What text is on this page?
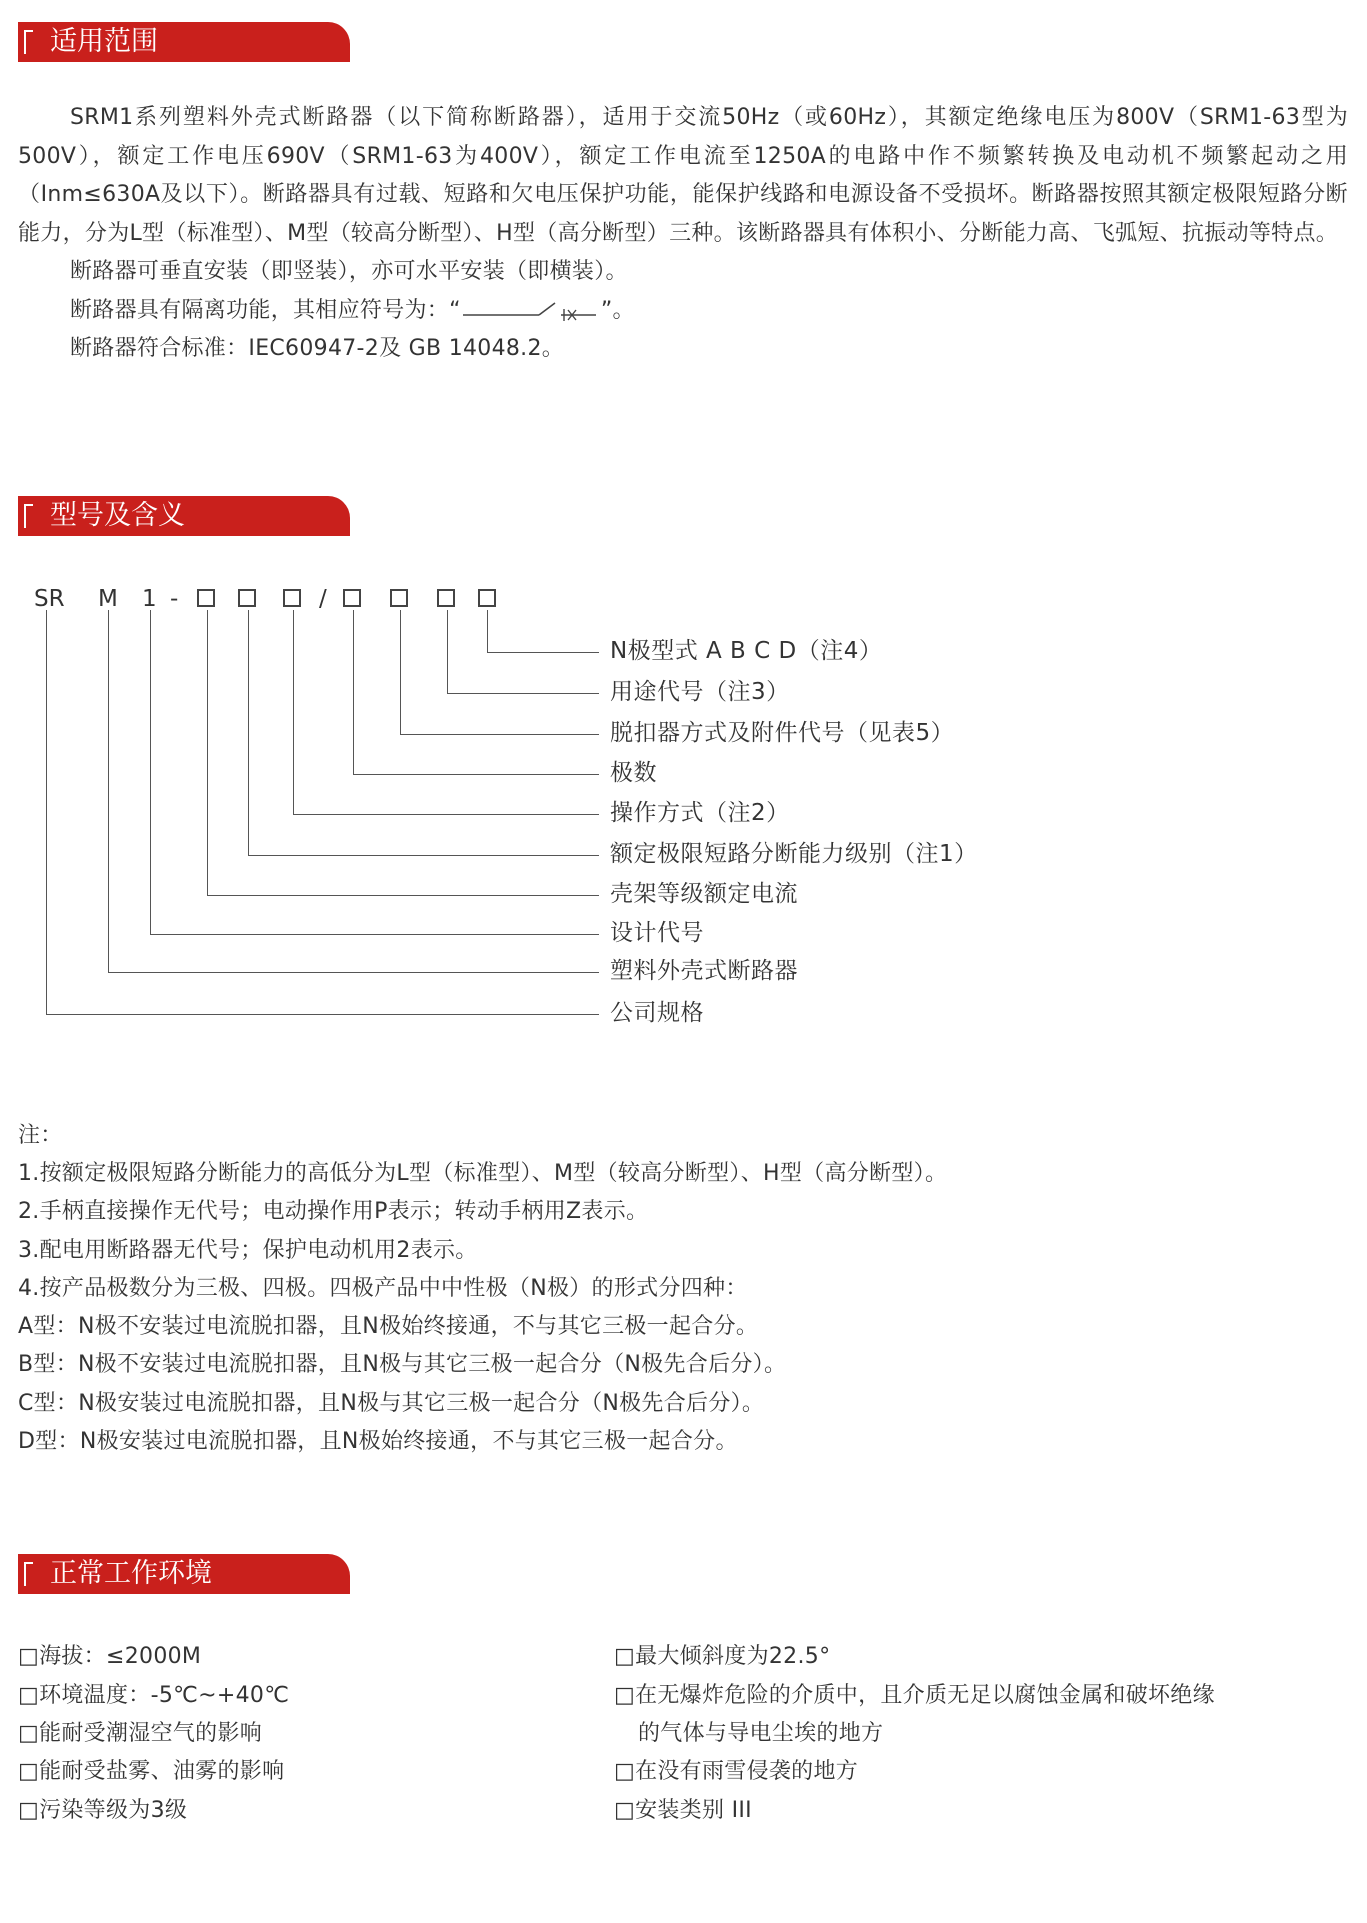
适用范围

SRM1系列塑料外壳式断路器（以下简称断路器），适用于交流50Hz（或60Hz），其额定绝缘电压为800V（SRM1-63型为500V），额定工作电压690V（SRM1-63为400V），额定工作电流至1250A的电路中作不频繁转换及电动机不频繁起动之用（Inm≤630A及以下）。断路器具有过载、短路和欠电压保护功能，能保护线路和电源设备不受损坏。断路器按照其额定极限短路分断能力，分为L型（标准型）、M型（较高分断型）、H型（高分断型）三种。该断路器具有体积小、分断能力高、飞弧短、抗振动等特点。

断路器可垂直安装（即竖装），亦可水平安装（即横装）。

断路器具有隔离功能，其相应符号为：“	”。

断路器符合标准：IEC60947-2及 GB 14048.2。

型号及含义
SR M 1 -	/
N极型式 A B C D（注4）
用途代号（注3）
脱扣器方式及附件代号（见表5）
极数
操作方式（注2）
额定极限短路分断能力级别（注1）
壳架等级额定电流
设计代号
塑料外壳式断路器
公司规格
注：
1.按额定极限短路分断能力的高低分为L型（标准型）、M型（较高分断型）、H型（高分断型）。
2.手柄直接操作无代号；电动操作用P表示；转动手柄用Z表示。
3.配电用断路器无代号；保护电动机用2表示。
4.按产品极数分为三极、四极。四极产品中中性极（N极）的形式分四种：
A型：N极不安装过电流脱扣器，且N极始终接通，不与其它三极一起合分。
B型：N极不安装过电流脱扣器，且N极与其它三极一起合分（N极先合后分）。
C型：N极安装过电流脱扣器，且N极与其它三极一起合分（N极先合后分）。
D型：N极安装过电流脱扣器，且N极始终接通，不与其它三极一起合分。
正常工作环境
□海拔：≤2000M
□环境温度：-5℃~+40℃
□能耐受潮湿空气的影响
□能耐受盐雾、油雾的影响
□污染等级为3级
□最大倾斜度为22.5°
□在无爆炸危险的介质中，且介质无足以腐蚀金属和破坏绝缘
的气体与导电尘埃的地方
□在没有雨雪侵袭的地方
□安装类别 III
